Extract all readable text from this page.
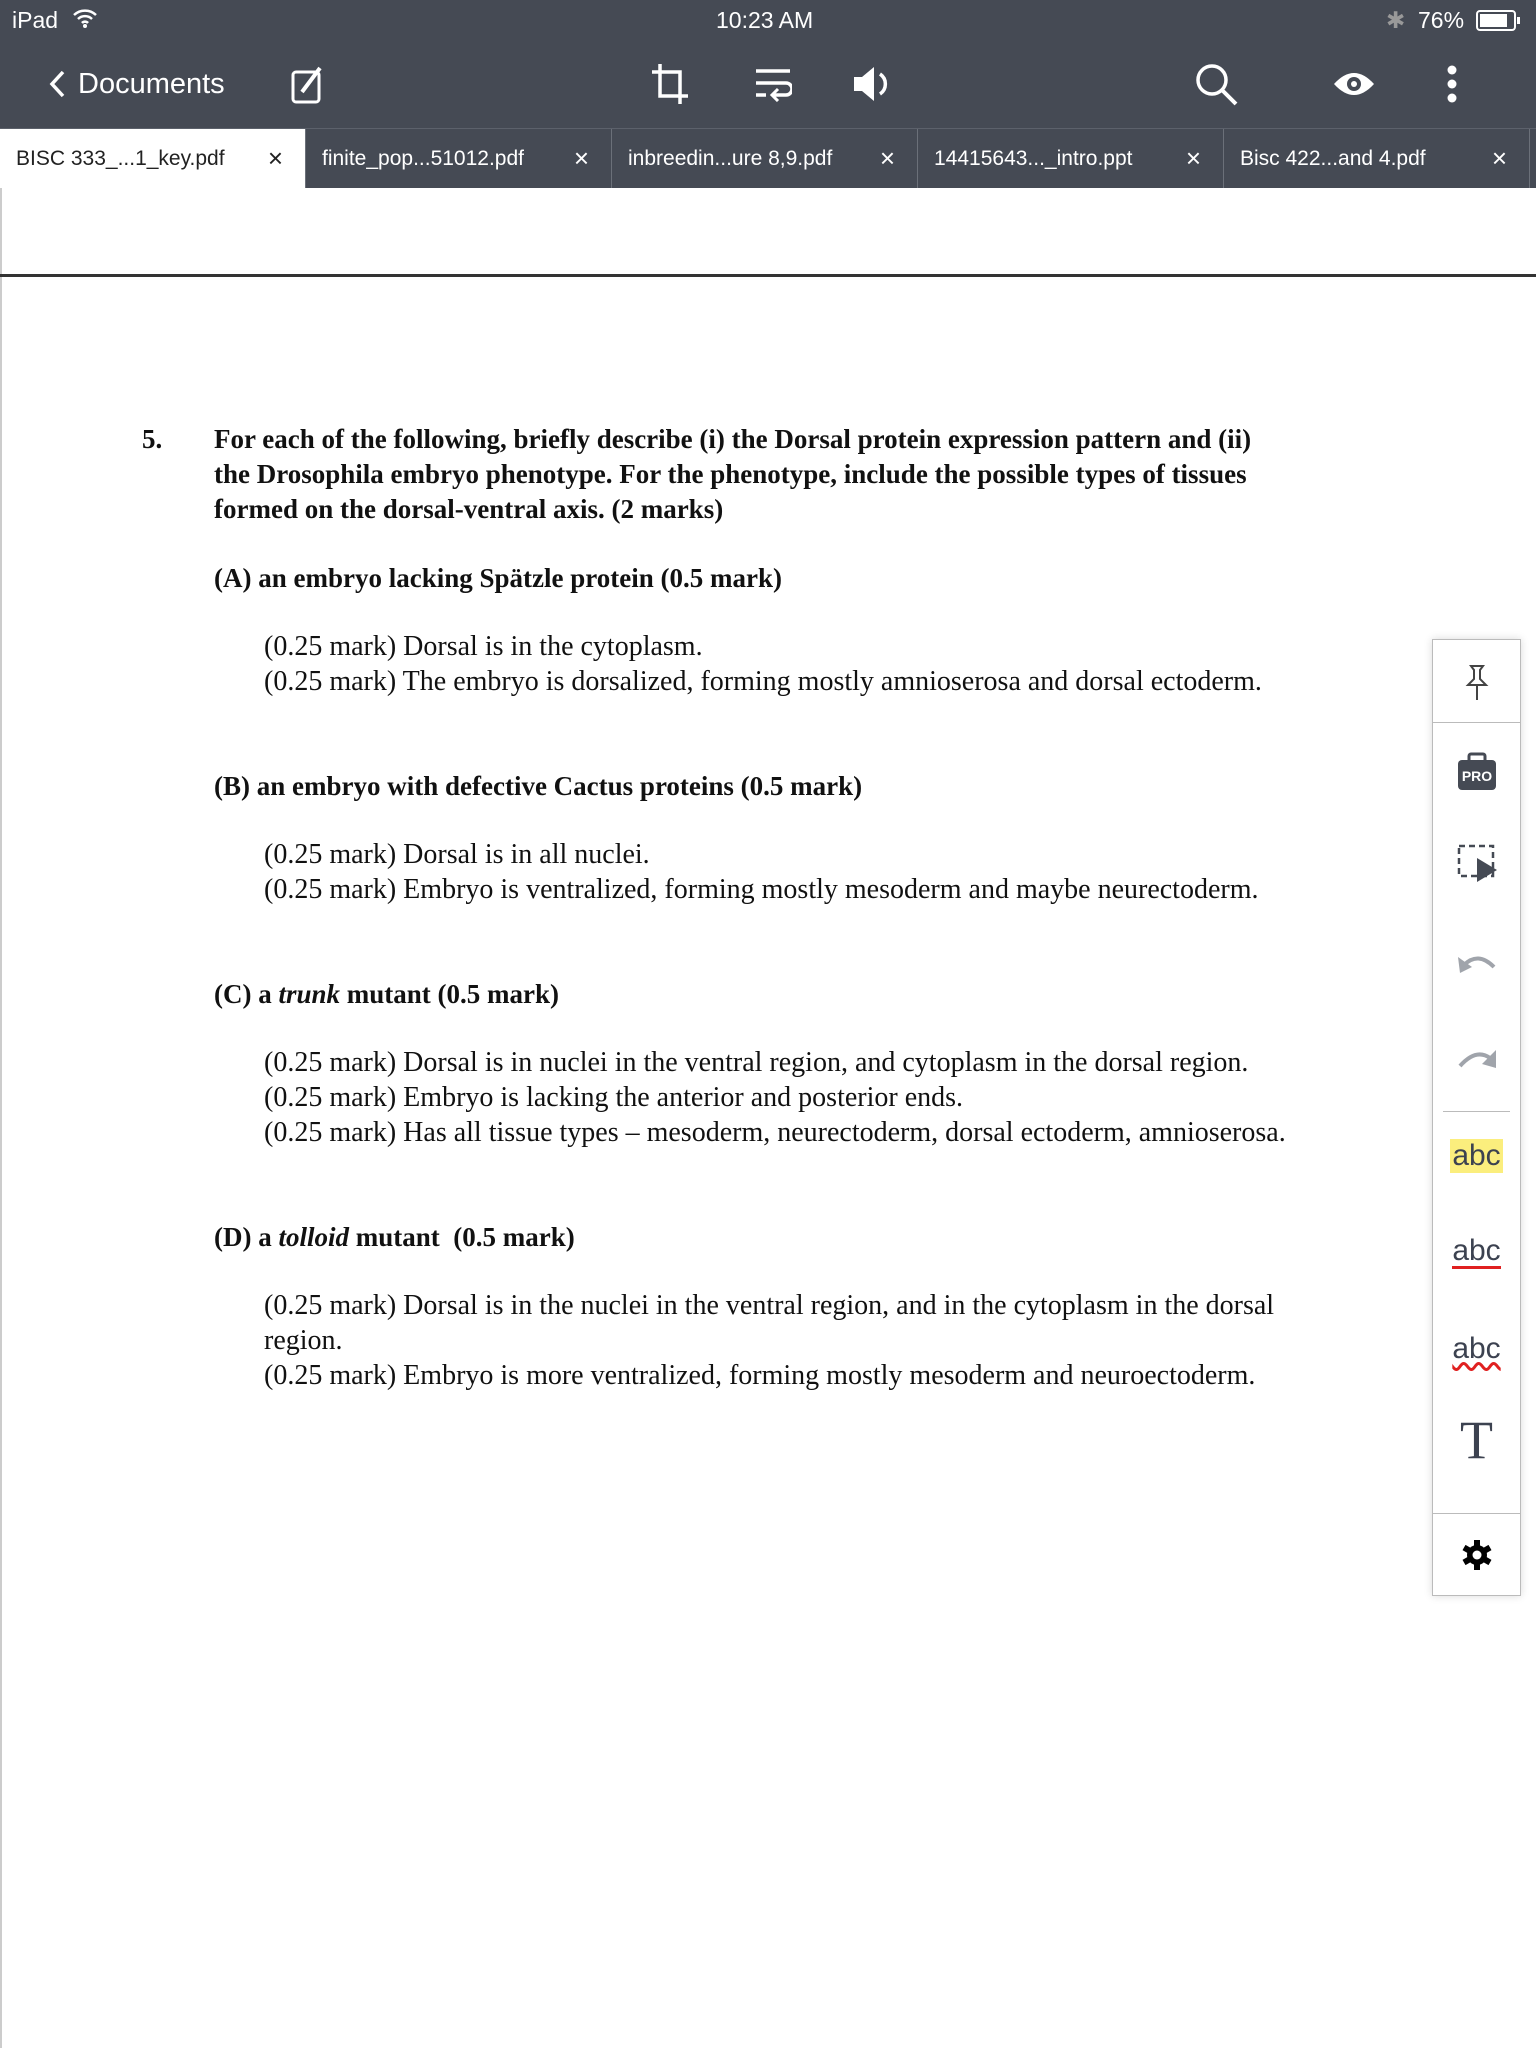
iPad	10:23 AM	✱ 76%
Documents
BISC 333_...1_key.pdf × finite_pop...51012.pdf × inbreedin...ure 8,9.pdf × 14415643..._intro.ppt × Bisc 422...and 4.pdf	×
5. For each of the following, briefly describe (i) the Dorsal protein expression pattern and (ii)
the Drosophila embryo phenotype. For the phenotype, include the possible types of tissues
formed on the dorsal-ventral axis. (2 marks)
(A) an embryo lacking Spätzle protein (0.5 mark)
(0.25 mark) Dorsal is in the cytoplasm.
(0.25 mark) The embryo is dorsalized, forming mostly amnioserosa and dorsal ectoderm.
(B) an embryo with defective Cactus proteins (0.5 mark)
(0.25 mark) Dorsal is in all nuclei.
(0.25 mark) Embryo is ventralized, forming mostly mesoderm and maybe neurectoderm.
(C) a trunk mutant (0.5 mark)
(0.25 mark) Dorsal is in nuclei in the ventral region, and cytoplasm in the dorsal region.
(0.25 mark) Embryo is lacking the anterior and posterior ends.
(0.25 mark) Has all tissue types – mesoderm, neurectoderm, dorsal ectoderm, amnioserosa.
(D) a tolloid mutant  (0.5 mark)
(0.25 mark) Dorsal is in the nuclei in the ventral region, and in the cytoplasm in the dorsal
region.
(0.25 mark) Embryo is more ventralized, forming mostly mesoderm and neuroectoderm.
PRO
abc
abc
abc
T
